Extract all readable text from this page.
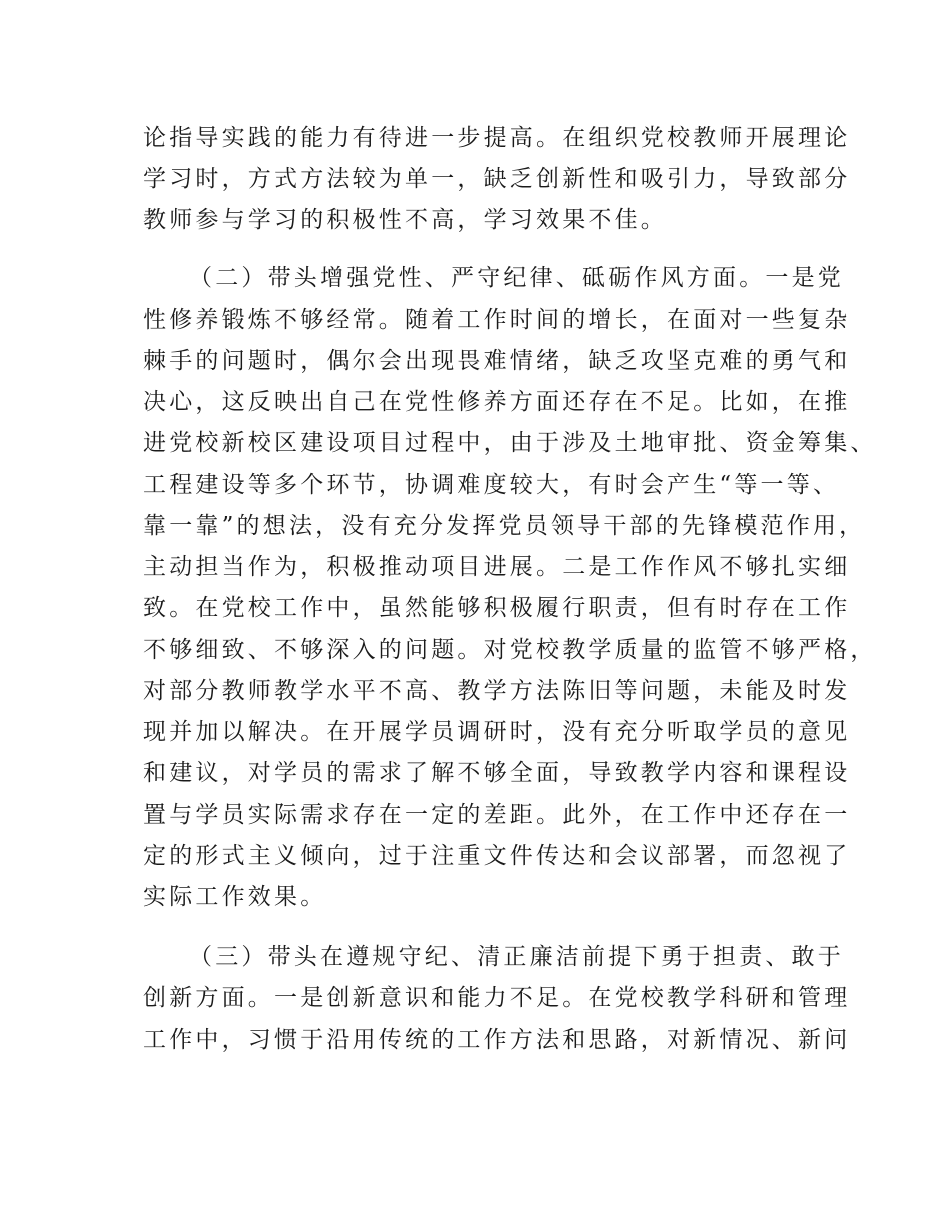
论指导实践的能力有待进一步提高。在组织党校教师开展理论
学习时，方式方法较为单一，缺乏创新性和吸引力，导致部分
教师参与学习的积极性不高，学习效果不佳。
（二）带头增强党性、严守纪律、砥砺作风方面。一是党
性修养锻炼不够经常。随着工作时间的增长，在面对一些复杂
棘手的问题时，偶尔会出现畏难情绪，缺乏攻坚克难的勇气和
决心，这反映出自己在党性修养方面还存在不足。比如，在推
进党校新校区建设项目过程中，由于涉及土地审批、资金筹集、
工程建设等多个环节，协调难度较大，有时会产生“等一等、
靠一靠”的想法，没有充分发挥党员领导干部的先锋模范作用，
主动担当作为，积极推动项目进展。二是工作作风不够扎实细
致。在党校工作中，虽然能够积极履行职责，但有时存在工作
不够细致、不够深入的问题。对党校教学质量的监管不够严格，
对部分教师教学水平不高、教学方法陈旧等问题，未能及时发
现并加以解决。在开展学员调研时，没有充分听取学员的意见
和建议，对学员的需求了解不够全面，导致教学内容和课程设
置与学员实际需求存在一定的差距。此外，在工作中还存在一
定的形式主义倾向，过于注重文件传达和会议部署，而忽视了
实际工作效果。
（三）带头在遵规守纪、清正廉洁前提下勇于担责、敢于
创新方面。一是创新意识和能力不足。在党校教学科研和管理
工作中，习惯于沿用传统的工作方法和思路，对新情况、新问
